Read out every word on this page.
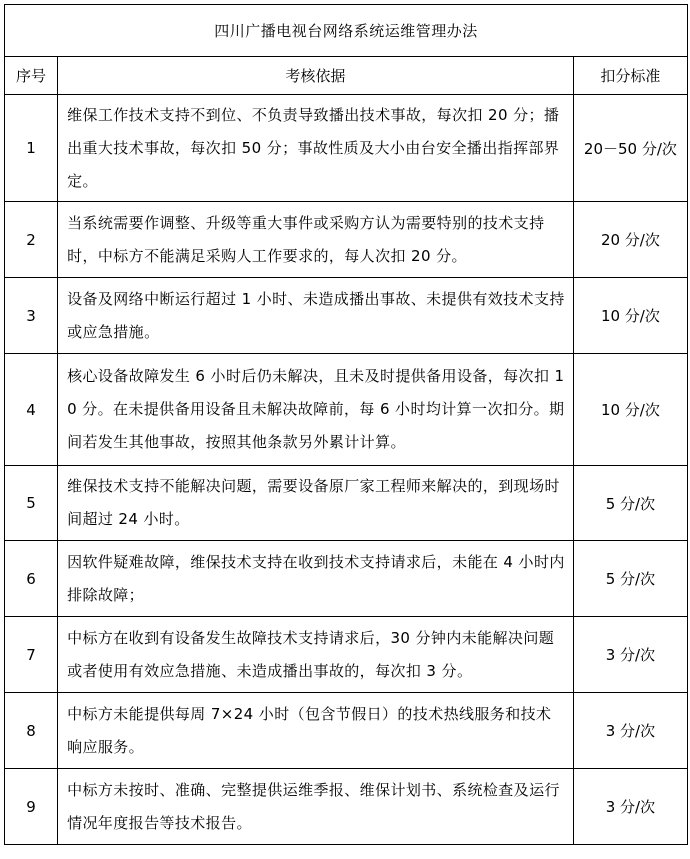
四川广播电视台网络系统运维管理办法		
序号	考核依据	扣分标准
1	维保工作技术支持不到位、不负责导致播出技术事故，每次扣 20 分；播出重大技术事故，每次扣 50 分；事故性质及大小由台安全播出指挥部界定。	20－50 分/次
2	当系统需要作调整、升级等重大事件或采购方认为需要特别的技术支持时，中标方不能满足采购人工作要求的，每人次扣 20 分。	20 分/次
3	设备及网络中断运行超过 1 小时、未造成播出事故、未提供有效技术支持或应急措施。	10 分/次
4	核心设备故障发生 6 小时后仍未解决，且未及时提供备用设备，每次扣 10 分。在未提供备用设备且未解决故障前，每 6 小时均计算一次扣分。期间若发生其他事故，按照其他条款另外累计计算。	10 分/次
5	维保技术支持不能解决问题，需要设备原厂家工程师来解决的，到现场时间超过 24 小时。	5 分/次
6	因软件疑难故障，维保技术支持在收到技术支持请求后，未能在 4 小时内排除故障；	5 分/次
7	中标方在收到有设备发生故障技术支持请求后，30 分钟内未能解决问题或者使用有效应急措施、未造成播出事故的，每次扣 3 分。	3 分/次
8	中标方未能提供每周 7×24 小时（包含节假日）的技术热线服务和技术响应服务。	3 分/次
9	中标方未按时、准确、完整提供运维季报、维保计划书、系统检查及运行情况年度报告等技术报告。	3 分/次
